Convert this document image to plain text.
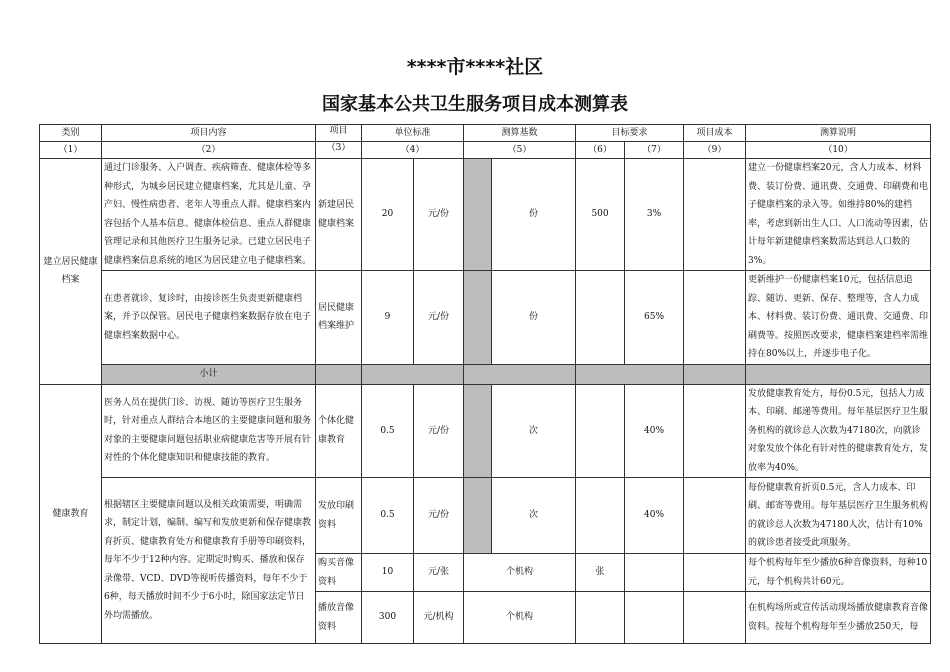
****市****社区
国家基本公共卫生服务项目成本测算表
类别	项目内容	项目	单位标准		测算基数		目标要求		项目成本	测算说明
（1）	（2）	（3）	（4）		（5）		（6）	（7）	（9）	（10）
建立居民健康档案	通过门诊服务、入户调查、疾病筛查、健康体检等多种形式，为城乡居民建立健康档案，尤其是儿童、孕产妇、慢性病患者、老年人等重点人群。健康档案内容包括个人基本信息、健康体检信息、重点人群健康管理记录和其他医疗卫生服务记录。已建立居民电子健康档案信息系统的地区为居民建立电子健康档案。	新建居民健康档案	20	元/份		份	500	3%		建立一份健康档案20元，含人力成本、材料费、装订份费、通讯费、交通费、印刷费和电子健康档案的录入等。如维持80%的建档率，考虑到新出生人口、人口流动等因素，估计每年新建健康档案数需达到总人口数的3%。
	在患者就诊、复诊时，由接诊医生负责更新健康档案，并予以保管。居民电子健康档案数据存放在电子健康档案数据中心。	居民健康档案维护	9	元/份		份		65%		更新维护一份健康档案10元，包括信息追踪、随访、更新、保存、整理等，含人力成本、材料费、装订份费、通讯费、交通费、印刷费等。按照医改要求，健康档案建档率需维持在80%以上，并逐步电子化。
	小计									
健康教育	医务人员在提供门诊、访视、随访等医疗卫生服务时，针对重点人群结合本地区的主要健康问题和服务对象的主要健康问题包括职业病健康危害等开展有针对性的个体化健康知识和健康技能的教育。	个体化健康教育	0.5	元/份		次		40%		发放健康教育处方，每份0.5元，包括人力成本、印刷、邮递等费用。每年基层医疗卫生服务机构的就诊总人次数为47180次，向就诊对象发放个体化有针对性的健康教育处方，发放率为40%。
	根据辖区主要健康问题以及相关政策需要，明确需求，制定计划，编制、编写和发放更新和保存健康教育折页、健康教育处方和健康教育手册等印刷资料，每年不少于12种内容。定期定时购买、播放和保存录像带、VCD、DVD等视听传播资料，每年不少于6种，每天播放时间不少于6小时，除国家法定节日外均需播放。	发放印刷资料	0.5	元/份		次		40%		每份健康教育折页0.5元，含人力成本、印刷、邮寄等费用。每年基层医疗卫生服务机构的就诊总人次数为47180人次，估计有10%的就诊患者接受此项服务。
		购买音像资料	10	元/张	个机构		张			每个机构每年至少播放6种音像资料，每种10元，每个机构共计60元。
		播放音像资料	300	元/机构	个机构					在机构场所或宣传活动现场播放健康教育音像资料。按每个机构每年至少播放250天，每
